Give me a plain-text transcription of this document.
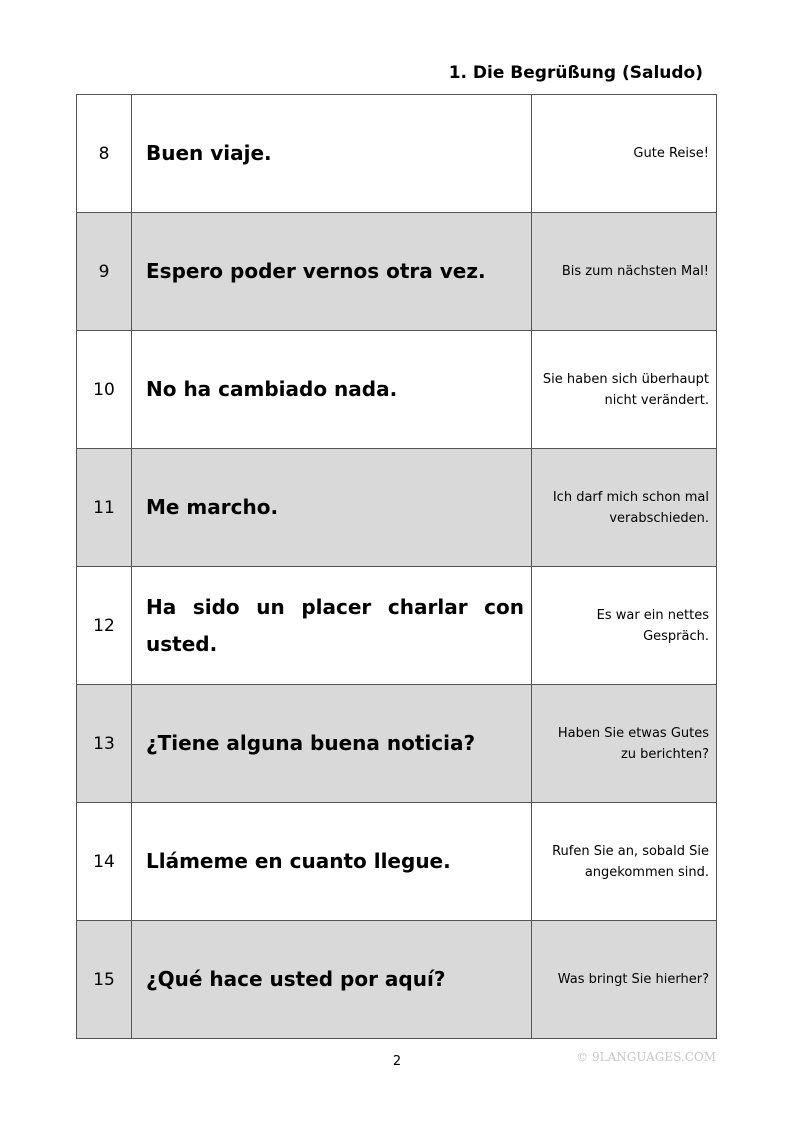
1. Die Begrüßung (Saludo)
8	Buen viaje.	Gute Reise!
9	Espero poder vernos otra vez.	Bis zum nächsten Mal!
10	No ha cambiado nada.	Sie haben sich überhaupt nicht verändert.
11	Me marcho.	Ich darf mich schon mal verabschieden.
12	Ha sido un placer charlar con usted.	Es war ein nettes Gespräch.
13	¿Tiene alguna buena noticia?	Haben Sie etwas Gutes zu berichten?
14	Llámeme en cuanto llegue.	Rufen Sie an, sobald Sie angekommen sind.
15	¿Qué hace usted por aquí?	Was bringt Sie hierher?
2	© 9LANGUAGES.COM
